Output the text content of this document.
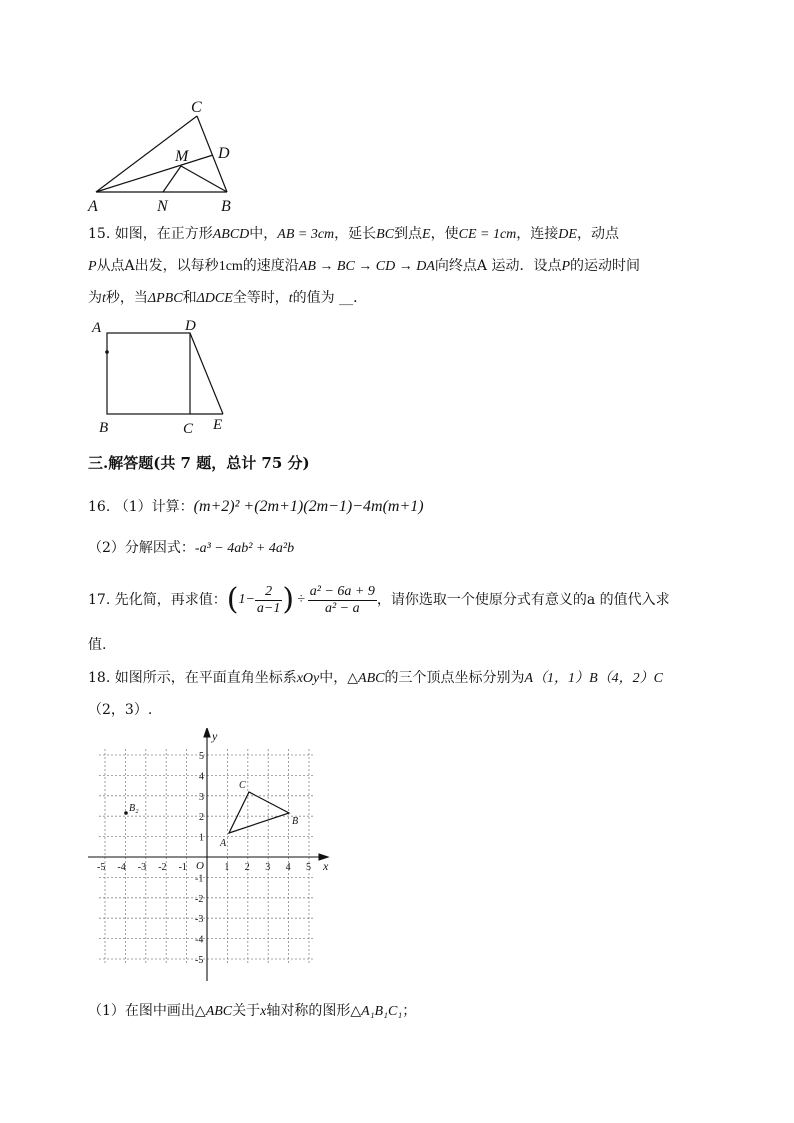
C
D
M
A	N	B
15. 如图，在正方形ABCD中，AB = 3cm，延长BC到点E，使CE = 1cm，连接DE，动点
P从点A出发，以每秒1cm的速度沿AB → BC → CD → DA向终点A 运动．设点P的运动时间
为t秒，当ΔPBC和ΔDCE全等时，t的值为 __．
A	D
B	C E
三.解答题(共 7 题，总计 75 分)
16. （1）计算：(m+2)² +(2m+1)(2m−1)−4m(m+1)
（2）分解因式：-a³ − 4ab² + 4a²b
17. 先化简，再求值： ( $1- \frac{2}{a-1}$ ) ÷ $\frac{\text{a² − 6a + 9}}{\text{a² − a}}$ ，请你选取一个使原分式有意义的a 的值代入求
值.
18. 如图所示，在平面直角坐标系xOy中，△ABC的三个顶点坐标分别为A（1，1）B（4，2）C
（2，3）.
-5 -4 -3 -2 -1	1 2 3 4 5
5
4
3
2
1
-1
-2
-3
-4
-5
x
y
O
A
B
C
B₂
（1）在图中画出△ABC关于x轴对称的图形△A₁B₁C₁；
